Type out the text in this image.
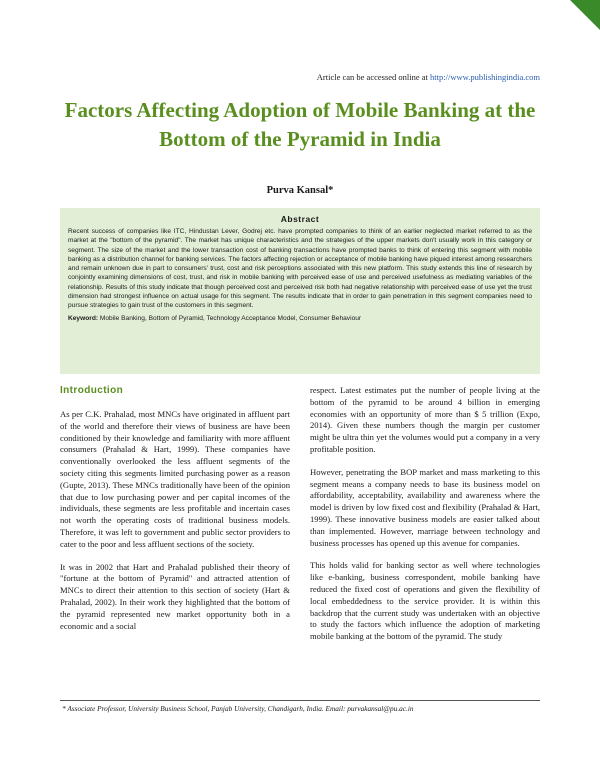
Article can be accessed online at http://www.publishingindia.com
Factors Affecting Adoption of Mobile Banking at the Bottom of the Pyramid in India
Purva Kansal*
Abstract

Recent success of companies like ITC, Hindustan Lever, Godrej etc. have prompted companies to think of an earlier neglected market referred to as the market at the "bottom of the pyramid". The market has unique characteristics and the strategies of the upper markets don't usually work in this category or segment. The size of the market and the lower transaction cost of banking transactions have prompted banks to think of entering this segment with mobile banking as a distribution channel for banking services. The factors affecting rejection or acceptance of mobile banking have piqued interest among researchers and remain unknown due in part to consumers' trust, cost and risk perceptions associated with this new platform. This study extends this line of research by conjointly examining dimensions of cost, trust, and risk in mobile banking with perceived ease of use and perceived usefulness as mediating variables of the relationship. Results of this study indicate that though perceived cost and perceived risk both had negative relationship with perceived ease of use yet the trust dimension had strongest influence on actual usage for this segment. The results indicate that in order to gain penetration in this segment companies need to pursue strategies to gain trust of the customers in this segment.

Keyword: Mobile Banking, Bottom of Pyramid, Technology Acceptance Model, Consumer Behaviour
Introduction

As per C.K. Prahalad, most MNCs have originated in affluent part of the world and therefore their views of business are have been conditioned by their knowledge and familiarity with more affluent consumers (Prahalad & Hart, 1999). These companies have conventionally overlooked the less affluent segments of the society citing this segments limited purchasing power as a reason (Gupte, 2013). These MNCs traditionally have been of the opinion that due to low purchasing power and per capital incomes of the individuals, these segments are less profitable and incertain cases not worth the operating costs of traditional business models. Therefore, it was left to government and public sector providers to cater to the poor and less affluent sections of the society.

It was in 2002 that Hart and Prahalad published their theory of "fortune at the bottom of Pyramid" and attracted attention of MNCs to direct their attention to this section of society (Hart & Prahalad, 2002). In their work they highlighted that the bottom of the pyramid represented new market opportunity both in a economic and a social

respect. Latest estimates put the number of people living at the bottom of the pyramid to be around 4 billion in emerging economies with an opportunity of more than $ 5 trillion (Expo, 2014). Given these numbers though the margin per customer might be ultra thin yet the volumes would put a company in a very profitable position.

However, penetrating the BOP market and mass marketing to this segment means a company needs to base its business model on affordability, acceptability, availability and awareness where the model is driven by low fixed cost and flexibility (Prahalad & Hart, 1999). These innovative business models are easier talked about than implemented. However, marriage between technology and business processes has opened up this avenue for companies.

This holds valid for banking sector as well where technologies like e-banking, business correspondent, mobile banking have reduced the fixed cost of operations and given the flexibility of local embeddedness to the service provider. It is within this backdrop that the current study was undertaken with an objective to study the factors which influence the adoption of marketing mobile banking at the bottom of the pyramid. The study

* Associate Professor, University Business School, Panjab University, Chandigarh, India. Email: purvakansal@pu.ac.in
